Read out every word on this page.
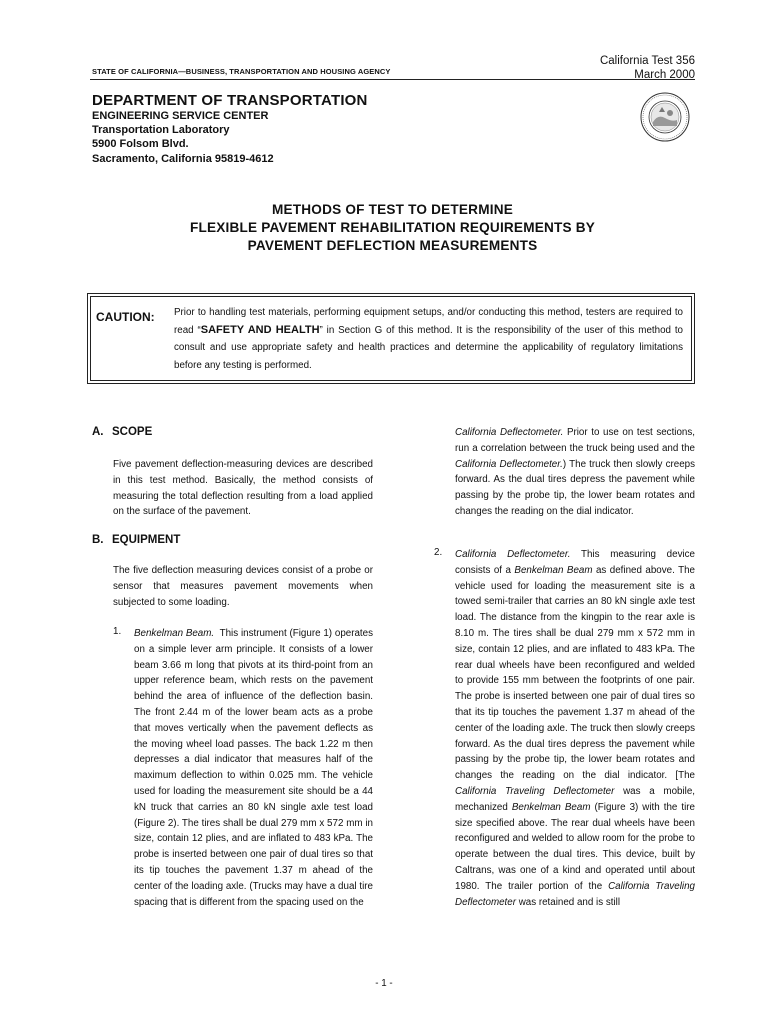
California Test 356
March 2000
STATE OF CALIFORNIA—BUSINESS, TRANSPORTATION AND HOUSING AGENCY
DEPARTMENT OF TRANSPORTATION
ENGINEERING SERVICE CENTER
Transportation Laboratory
5900 Folsom Blvd.
Sacramento, California 95819-4612
METHODS OF TEST TO DETERMINE
FLEXIBLE PAVEMENT REHABILITATION REQUIREMENTS BY
PAVEMENT DEFLECTION MEASUREMENTS
CAUTION: Prior to handling test materials, performing equipment setups, and/or conducting this method, testers are required to read “SAFETY AND HEALTH” in Section G of this method. It is the responsibility of the user of this method to consult and use appropriate safety and health practices and determine the applicability of regulatory limitations before any testing is performed.
A. SCOPE
Five pavement deflection-measuring devices are described in this test method. Basically, the method consists of measuring the total deflection resulting from a load applied on the surface of the pavement.
B. EQUIPMENT
The five deflection measuring devices consist of a probe or sensor that measures pavement movements when subjected to some loading.
1. Benkelman Beam. This instrument (Figure 1) operates on a simple lever arm principle. It consists of a lower beam 3.66 m long that pivots at its third-point from an upper reference beam, which rests on the pavement behind the area of influence of the deflection basin. The front 2.44 m of the lower beam acts as a probe that moves vertically when the pavement deflects as the moving wheel load passes. The back 1.22 m then depresses a dial indicator that measures half of the maximum deflection to within 0.025 mm. The vehicle used for loading the measurement site should be a 44 kN truck that carries an 80 kN single axle test load (Figure 2). The tires shall be dual 279 mm x 572 mm in size, contain 12 plies, and are inflated to 483 kPa. The probe is inserted between one pair of dual tires so that its tip touches the pavement 1.37 m ahead of the center of the loading axle. (Trucks may have a dual tire spacing that is different from the spacing used on the
California Deflectometer. Prior to use on test sections, run a correlation between the truck being used and the California Deflectometer.) The truck then slowly creeps forward. As the dual tires depress the pavement while passing by the probe tip, the lower beam rotates and changes the reading on the dial indicator.
2. California Deflectometer. This measuring device consists of a Benkelman Beam as defined above. The vehicle used for loading the measurement site is a towed semi-trailer that carries an 80 kN single axle test load. The distance from the kingpin to the rear axle is 8.10 m. The tires shall be dual 279 mm x 572 mm in size, contain 12 plies, and are inflated to 483 kPa. The rear dual wheels have been reconfigured and welded to provide 155 mm between the footprints of one pair. The probe is inserted between one pair of dual tires so that its tip touches the pavement 1.37 m ahead of the center of the loading axle. The truck then slowly creeps forward. As the dual tires depress the pavement while passing by the probe tip, the lower beam rotates and changes the reading on the dial indicator. [The California Traveling Deflectometer was a mobile, mechanized Benkelman Beam (Figure 3) with the tire size specified above. The rear dual wheels have been reconfigured and welded to allow room for the probe to operate between the dual tires. This device, built by Caltrans, was one of a kind and operated until about 1980. The trailer portion of the California Traveling Deflectometer was retained and is still
- 1 -
